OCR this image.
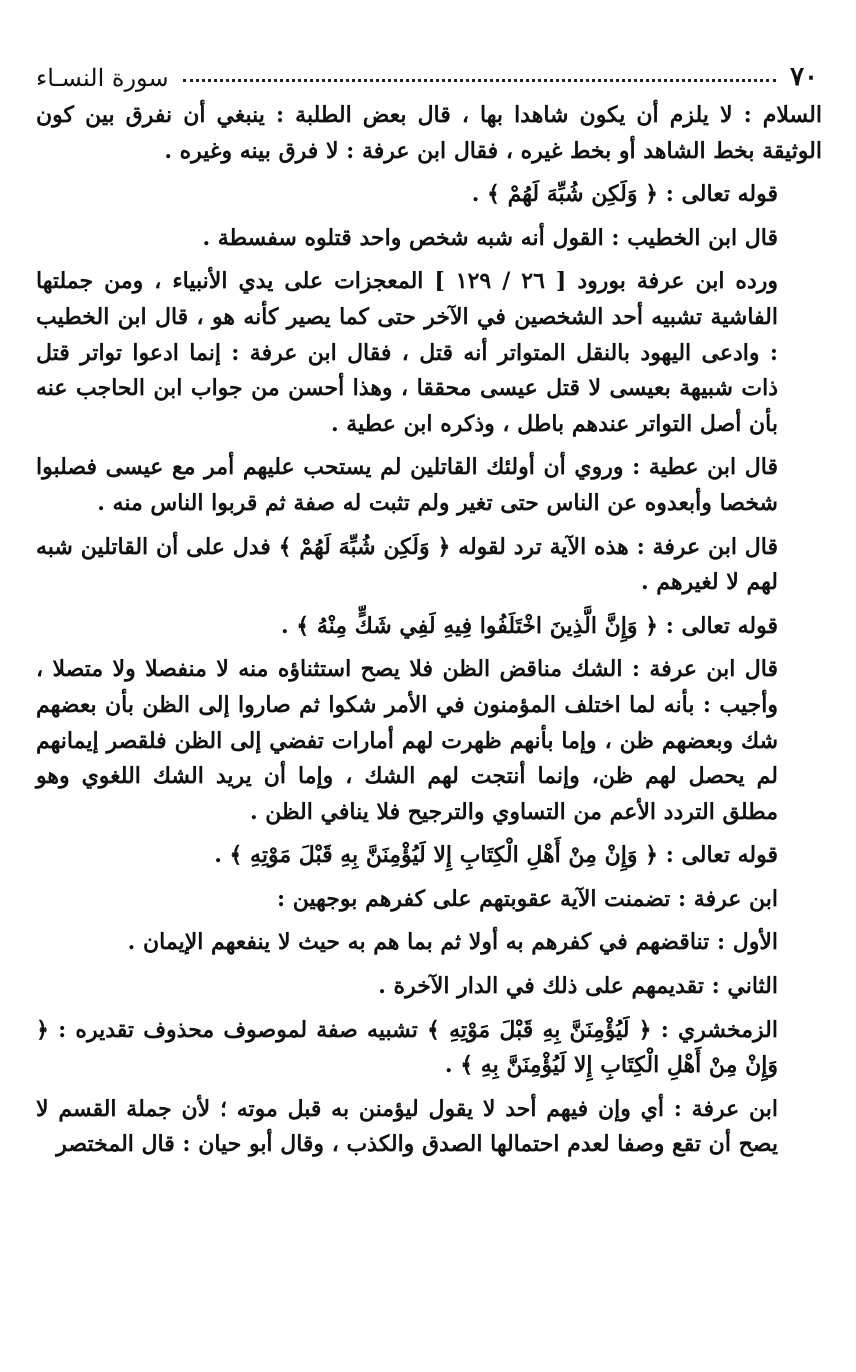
٧٠
سورة النسـاء

السلام : لا يلزم أن يكون شاهدا بها ، قال بعض الطلبة : ينبغي أن نفرق بين كون الوثيقة بخط الشاهد أو بخط غيره ، فقال ابن عرفة : لا فرق بينه وغيره .

قوله تعالى : ﴿ وَلَكِن شُبِّهَ لَهُمْ ﴾ .

قال ابن الخطيب : القول أنه شبه شخص واحد قتلوه سفسطة .

ورده ابن عرفة بورود [ ٢٦ / ١٢٩ ] المعجزات على يدي الأنبياء ، ومن جملتها الفاشية تشبيه أحد الشخصين في الآخر حتى كما يصير كأنه هو ، قال ابن الخطيب : وادعى اليهود بالنقل المتواتر أنه قتل ، فقال ابن عرفة : إنما ادعوا تواتر قتل ذات شبيهة بعيسى لا قتل عيسى محققا ، وهذا أحسن من جواب ابن الحاجب عنه بأن أصل التواتر عندهم باطل ، وذكره ابن عطية .

قال ابن عطية : وروي أن أولئك القاتلين لم يستحب عليهم أمر مع عيسى فصلبوا شخصا وأبعدوه عن الناس حتى تغير ولم تثبت له صفة ثم قربوا الناس منه .

قال ابن عرفة : هذه الآية ترد لقوله ﴿ وَلَكِن شُبِّهَ لَهُمْ ﴾ فدل على أن القاتلين شبه لهم لا لغيرهم .

قوله تعالى : ﴿ وَإِنَّ الَّذِينَ اخْتَلَفُوا فِيهِ لَفِي شَكٍّ مِنْهُ ﴾ .

قال ابن عرفة : الشك مناقض الظن فلا يصح استثناؤه منه لا منفصلا ولا متصلا ، وأجيب : بأنه لما اختلف المؤمنون في الأمر شكوا ثم صاروا إلى الظن بأن بعضهم شك وبعضهم ظن ، وإما بأنهم ظهرت لهم أمارات تفضي إلى الظن فلقصر إيمانهم لم يحصل لهم ظن، وإنما أنتجت لهم الشك ، وإما أن يريد الشك اللغوي وهو مطلق التردد الأعم من التساوي والترجيح فلا ينافي الظن .

قوله تعالى : ﴿ وَإِنْ مِنْ أَهْلِ الْكِتَابِ إِلا لَيُؤْمِنَنَّ بِهِ قَبْلَ مَوْتِهِ ﴾ .

ابن عرفة : تضمنت الآية عقوبتهم على كفرهم بوجهين :

الأول : تناقضهم في كفرهم به أولا ثم بما هم به حيث لا ينفعهم الإيمان .

الثاني : تقديمهم على ذلك في الدار الآخرة .

الزمخشري : ﴿ لَيُؤْمِنَنَّ بِهِ قَبْلَ مَوْتِهِ ﴾ تشبيه صفة لموصوف محذوف تقديره : ﴿ وَإِنْ مِنْ أَهْلِ الْكِتَابِ إِلا لَيُؤْمِنَنَّ بِهِ ﴾ .

ابن عرفة : أي وإن فيهم أحد لا يقول ليؤمنن به قبل موته ؛ لأن جملة القسم لا يصح أن تقع وصفا لعدم احتمالها الصدق والكذب ، وقال أبو حيان : قال المختصر
